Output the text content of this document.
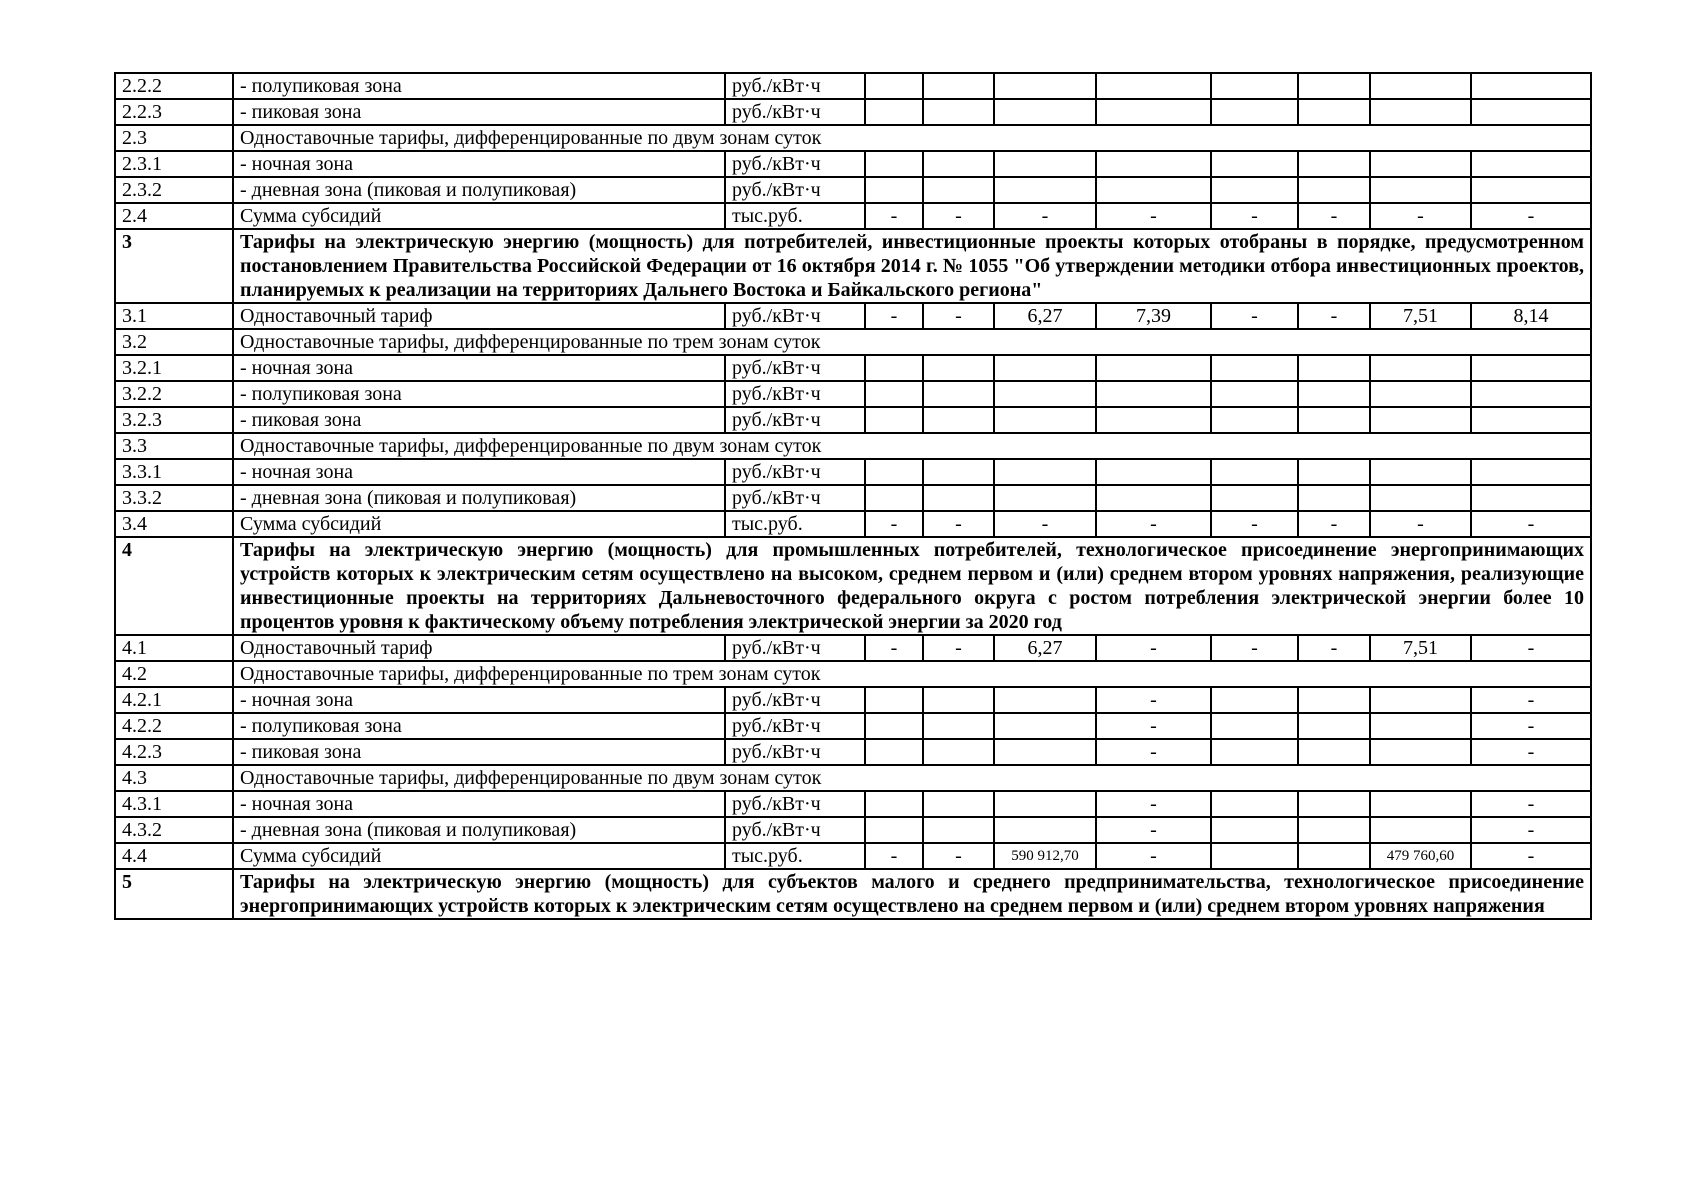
2.2.2	- полупиковая зона	руб./кВт·ч								
2.2.3	- пиковая зона	руб./кВт·ч								
2.3	Одноставочные тарифы, дифференцированные по двум зонам суток									
2.3.1	- ночная зона	руб./кВт·ч								
2.3.2	- дневная зона (пиковая и полупиковая)	руб./кВт·ч								
2.4	Сумма субсидий	тыс.руб.	-	-	-	-	-	-	-	-
3	Тарифы на электрическую энергию (мощность) для потребителей, инвестиционные проекты которых отобраны в порядке, предусмотренном постановлением Правительства Российской Федерации от 16 октября 2014 г. № 1055 "Об утверждении методики отбора инвестиционных проектов, планируемых к реализации на территориях Дальнего Востока и Байкальского региона"									
3.1	Одноставочный тариф	руб./кВт·ч	-	-	6,27	7,39	-	-	7,51	8,14
3.2	Одноставочные тарифы, дифференцированные по трем зонам суток									
3.2.1	- ночная зона	руб./кВт·ч								
3.2.2	- полупиковая зона	руб./кВт·ч								
3.2.3	- пиковая зона	руб./кВт·ч								
3.3	Одноставочные тарифы, дифференцированные по двум зонам суток									
3.3.1	- ночная зона	руб./кВт·ч								
3.3.2	- дневная зона (пиковая и полупиковая)	руб./кВт·ч								
3.4	Сумма субсидий	тыс.руб.	-	-	-	-	-	-	-	-
4	Тарифы на электрическую энергию (мощность) для промышленных потребителей, технологическое присоединение энергопринимающих устройств которых к электрическим сетям осуществлено на высоком, среднем первом и (или) среднем втором уровнях напряжения, реализующие инвестиционные проекты на территориях Дальневосточного федерального округа с ростом потребления электрической энергии более 10 процентов уровня к фактическому объему потребления электрической энергии за 2020 год									
4.1	Одноставочный тариф	руб./кВт·ч	-	-	6,27	-	-	-	7,51	-
4.2	Одноставочные тарифы, дифференцированные по трем зонам суток									
4.2.1	- ночная зона	руб./кВт·ч				-				-
4.2.2	- полупиковая зона	руб./кВт·ч				-				-
4.2.3	- пиковая зона	руб./кВт·ч				-				-
4.3	Одноставочные тарифы, дифференцированные по двум зонам суток									
4.3.1	- ночная зона	руб./кВт·ч				-				-
4.3.2	- дневная зона (пиковая и полупиковая)	руб./кВт·ч				-				-
4.4	Сумма субсидий	тыс.руб.	-	-	590 912,70	-			479 760,60	-
5	Тарифы на электрическую энергию (мощность) для субъектов малого и среднего предпринимательства, технологическое присоединение энергопринимающих устройств которых к электрическим сетям осуществлено на среднем первом и (или) среднем втором уровнях напряжения									
